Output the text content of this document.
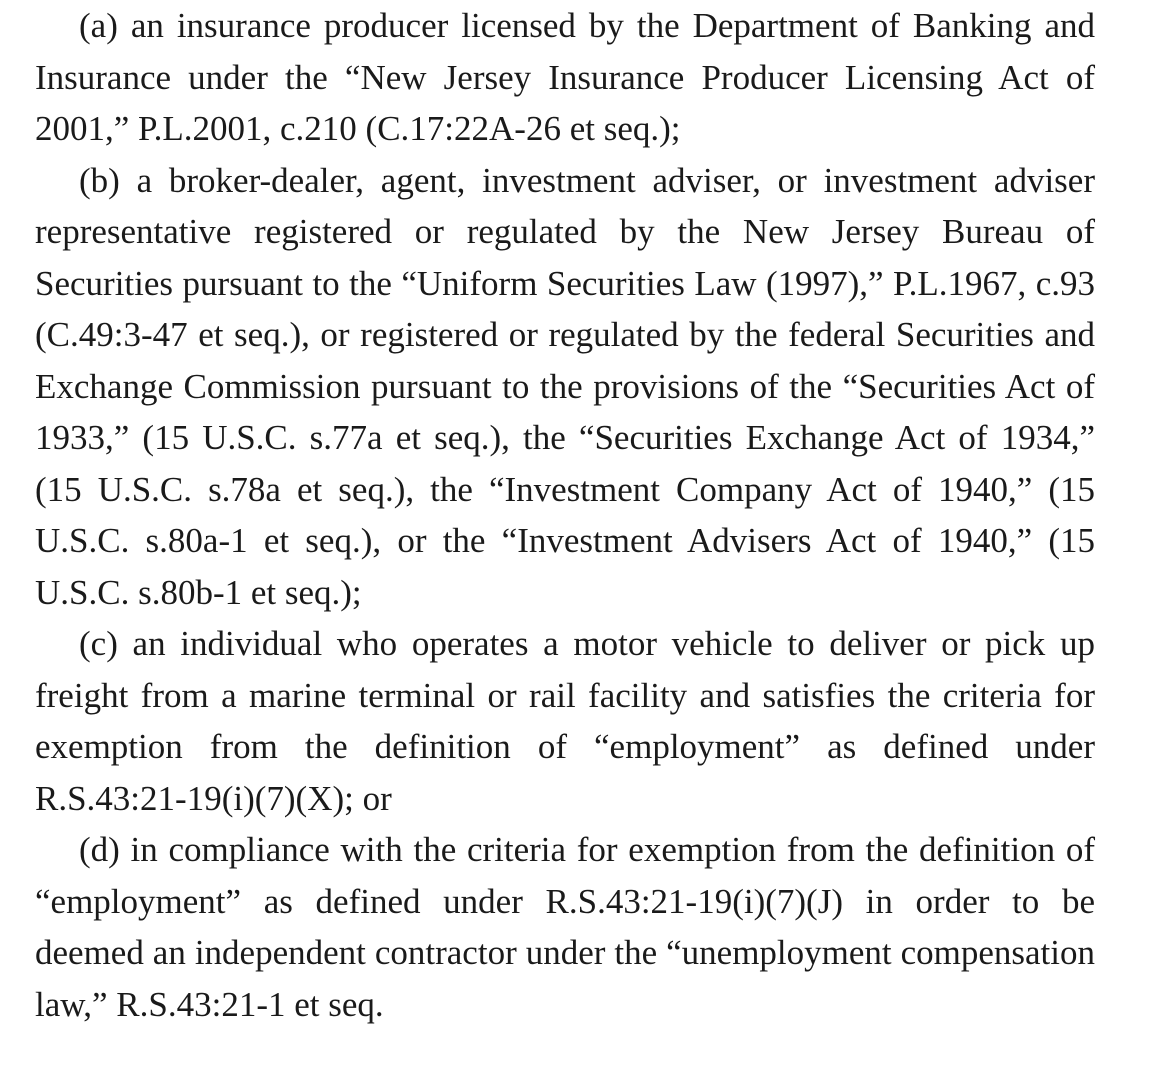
(a) an insurance producer licensed by the Department of Banking and Insurance under the “New Jersey Insurance Producer Licensing Act of 2001,” P.L.2001, c.210 (C.17:22A-26 et seq.);

(b) a broker-dealer, agent, investment adviser, or investment adviser representative registered or regulated by the New Jersey Bureau of Securities pursuant to the “Uniform Securities Law (1997),” P.L.1967, c.93 (C.49:3-47 et seq.), or registered or regulated by the federal Securities and Exchange Commission pursuant to the provisions of the “Securities Act of 1933,” (15 U.S.C. s.77a et seq.), the “Securities Exchange Act of 1934,” (15 U.S.C. s.78a et seq.), the “Investment Company Act of 1940,” (15 U.S.C. s.80a-1 et seq.), or the “Investment Advisers Act of 1940,” (15 U.S.C. s.80b-1 et seq.);

(c) an individual who operates a motor vehicle to deliver or pick up freight from a marine terminal or rail facility and satisfies the criteria for exemption from the definition of “employment” as defined under R.S.43:21-19(i)(7)(X); or

(d) in compliance with the criteria for exemption from the definition of “employment” as defined under R.S.43:21-19(i)(7)(J) in order to be deemed an independent contractor under the “unemployment compensation law,” R.S.43:21-1 et seq.
